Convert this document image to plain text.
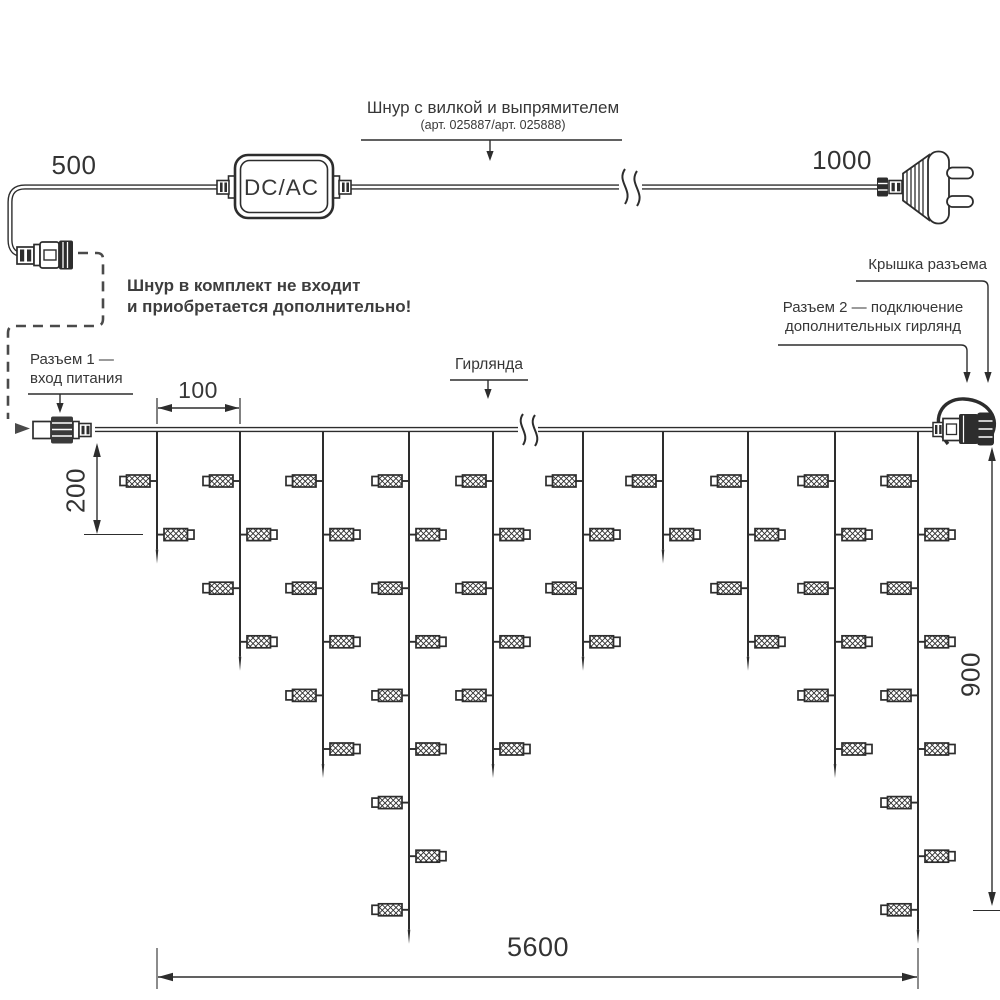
500	1000
Шнур с вилкой и выпрямителем
(арт. 025887/арт. 025888)
Шнур в комплект не входит
и приобретается дополнительно!
DC/AC
Разъем 1 —
вход питания	100
200
900
5600
Гирлянда
Крышка разъема
Разъем 2 — подключение
дополнительных гирлянд
